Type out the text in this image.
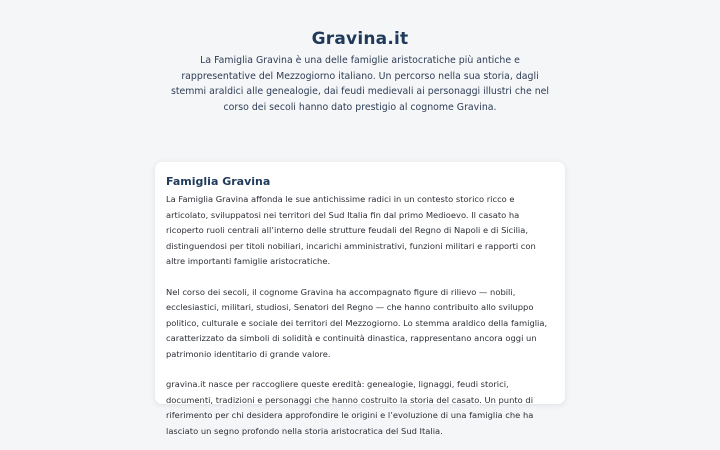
Gravina.it

La Famiglia Gravina è una delle famiglie aristocratiche più antiche e rappresentative del Mezzogiorno italiano. Un percorso nella sua storia, dagli stemmi araldici alle genealogie, dai feudi medievali ai personaggi illustri che nel corso dei secoli hanno dato prestigio al cognome Gravina.

Famiglia Gravina

La Famiglia Gravina affonda le sue antichissime radici in un contesto storico ricco e articolato, sviluppatosi nei territori del Sud Italia fin dal primo Medioevo. Il casato ha ricoperto ruoli centrali all’interno delle strutture feudali del Regno di Napoli e di Sicilia, distinguendosi per titoli nobiliari, incarichi amministrativi, funzioni militari e rapporti con altre importanti famiglie aristocratiche.

Nel corso dei secoli, il cognome Gravina ha accompagnato figure di rilievo — nobili, ecclesiastici, militari, studiosi, Senatori del Regno — che hanno contribuito allo sviluppo politico, culturale e sociale dei territori del Mezzogiorno. Lo stemma araldico della famiglia, caratterizzato da simboli di solidità e continuità dinastica, rappresentano ancora oggi un patrimonio identitario di grande valore.

gravina.it nasce per raccogliere queste eredità: genealogie, lignaggi, feudi storici, documenti, tradizioni e personaggi che hanno costruito la storia del casato. Un punto di riferimento per chi desidera approfondire le origini e l’evoluzione di una famiglia che ha lasciato un segno profondo nella storia aristocratica del Sud Italia.
